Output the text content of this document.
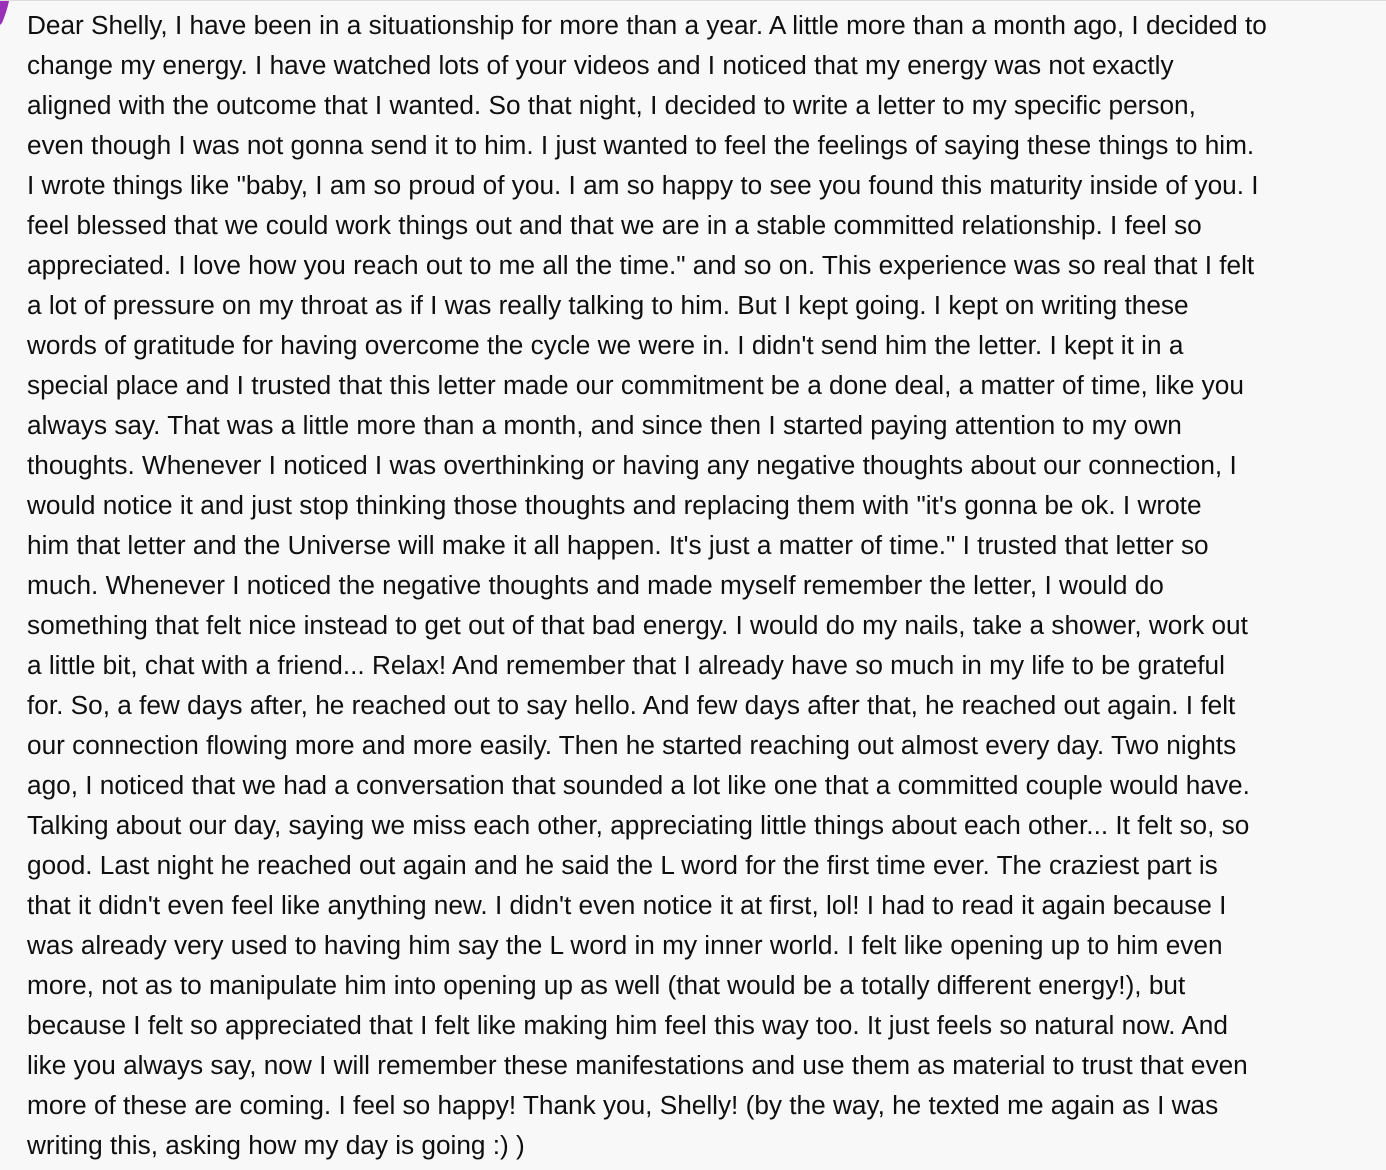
Dear Shelly, I have been in a situationship for more than a year. A little more than a month ago, I decided to
change my energy. I have watched lots of your videos and I noticed that my energy was not exactly
aligned with the outcome that I wanted. So that night, I decided to write a letter to my specific person,
even though I was not gonna send it to him. I just wanted to feel the feelings of saying these things to him.
I wrote things like "baby, I am so proud of you. I am so happy to see you found this maturity inside of you. I
feel blessed that we could work things out and that we are in a stable committed relationship. I feel so
appreciated. I love how you reach out to me all the time." and so on. This experience was so real that I felt
a lot of pressure on my throat as if I was really talking to him. But I kept going. I kept on writing these
words of gratitude for having overcome the cycle we were in. I didn't send him the letter. I kept it in a
special place and I trusted that this letter made our commitment be a done deal, a matter of time, like you
always say. That was a little more than a month, and since then I started paying attention to my own
thoughts. Whenever I noticed I was overthinking or having any negative thoughts about our connection, I
would notice it and just stop thinking those thoughts and replacing them with "it's gonna be ok. I wrote
him that letter and the Universe will make it all happen. It's just a matter of time." I trusted that letter so
much. Whenever I noticed the negative thoughts and made myself remember the letter, I would do
something that felt nice instead to get out of that bad energy. I would do my nails, take a shower, work out
a little bit, chat with a friend... Relax! And remember that I already have so much in my life to be grateful
for. So, a few days after, he reached out to say hello. And few days after that, he reached out again. I felt
our connection flowing more and more easily. Then he started reaching out almost every day. Two nights
ago, I noticed that we had a conversation that sounded a lot like one that a committed couple would have.
Talking about our day, saying we miss each other, appreciating little things about each other... It felt so, so
good. Last night he reached out again and he said the L word for the first time ever. The craziest part is
that it didn't even feel like anything new. I didn't even notice it at first, lol! I had to read it again because I
was already very used to having him say the L word in my inner world. I felt like opening up to him even
more, not as to manipulate him into opening up as well (that would be a totally different energy!), but
because I felt so appreciated that I felt like making him feel this way too. It just feels so natural now. And
like you always say, now I will remember these manifestations and use them as material to trust that even
more of these are coming. I feel so happy! Thank you, Shelly! (by the way, he texted me again as I was
writing this, asking how my day is going :) )
